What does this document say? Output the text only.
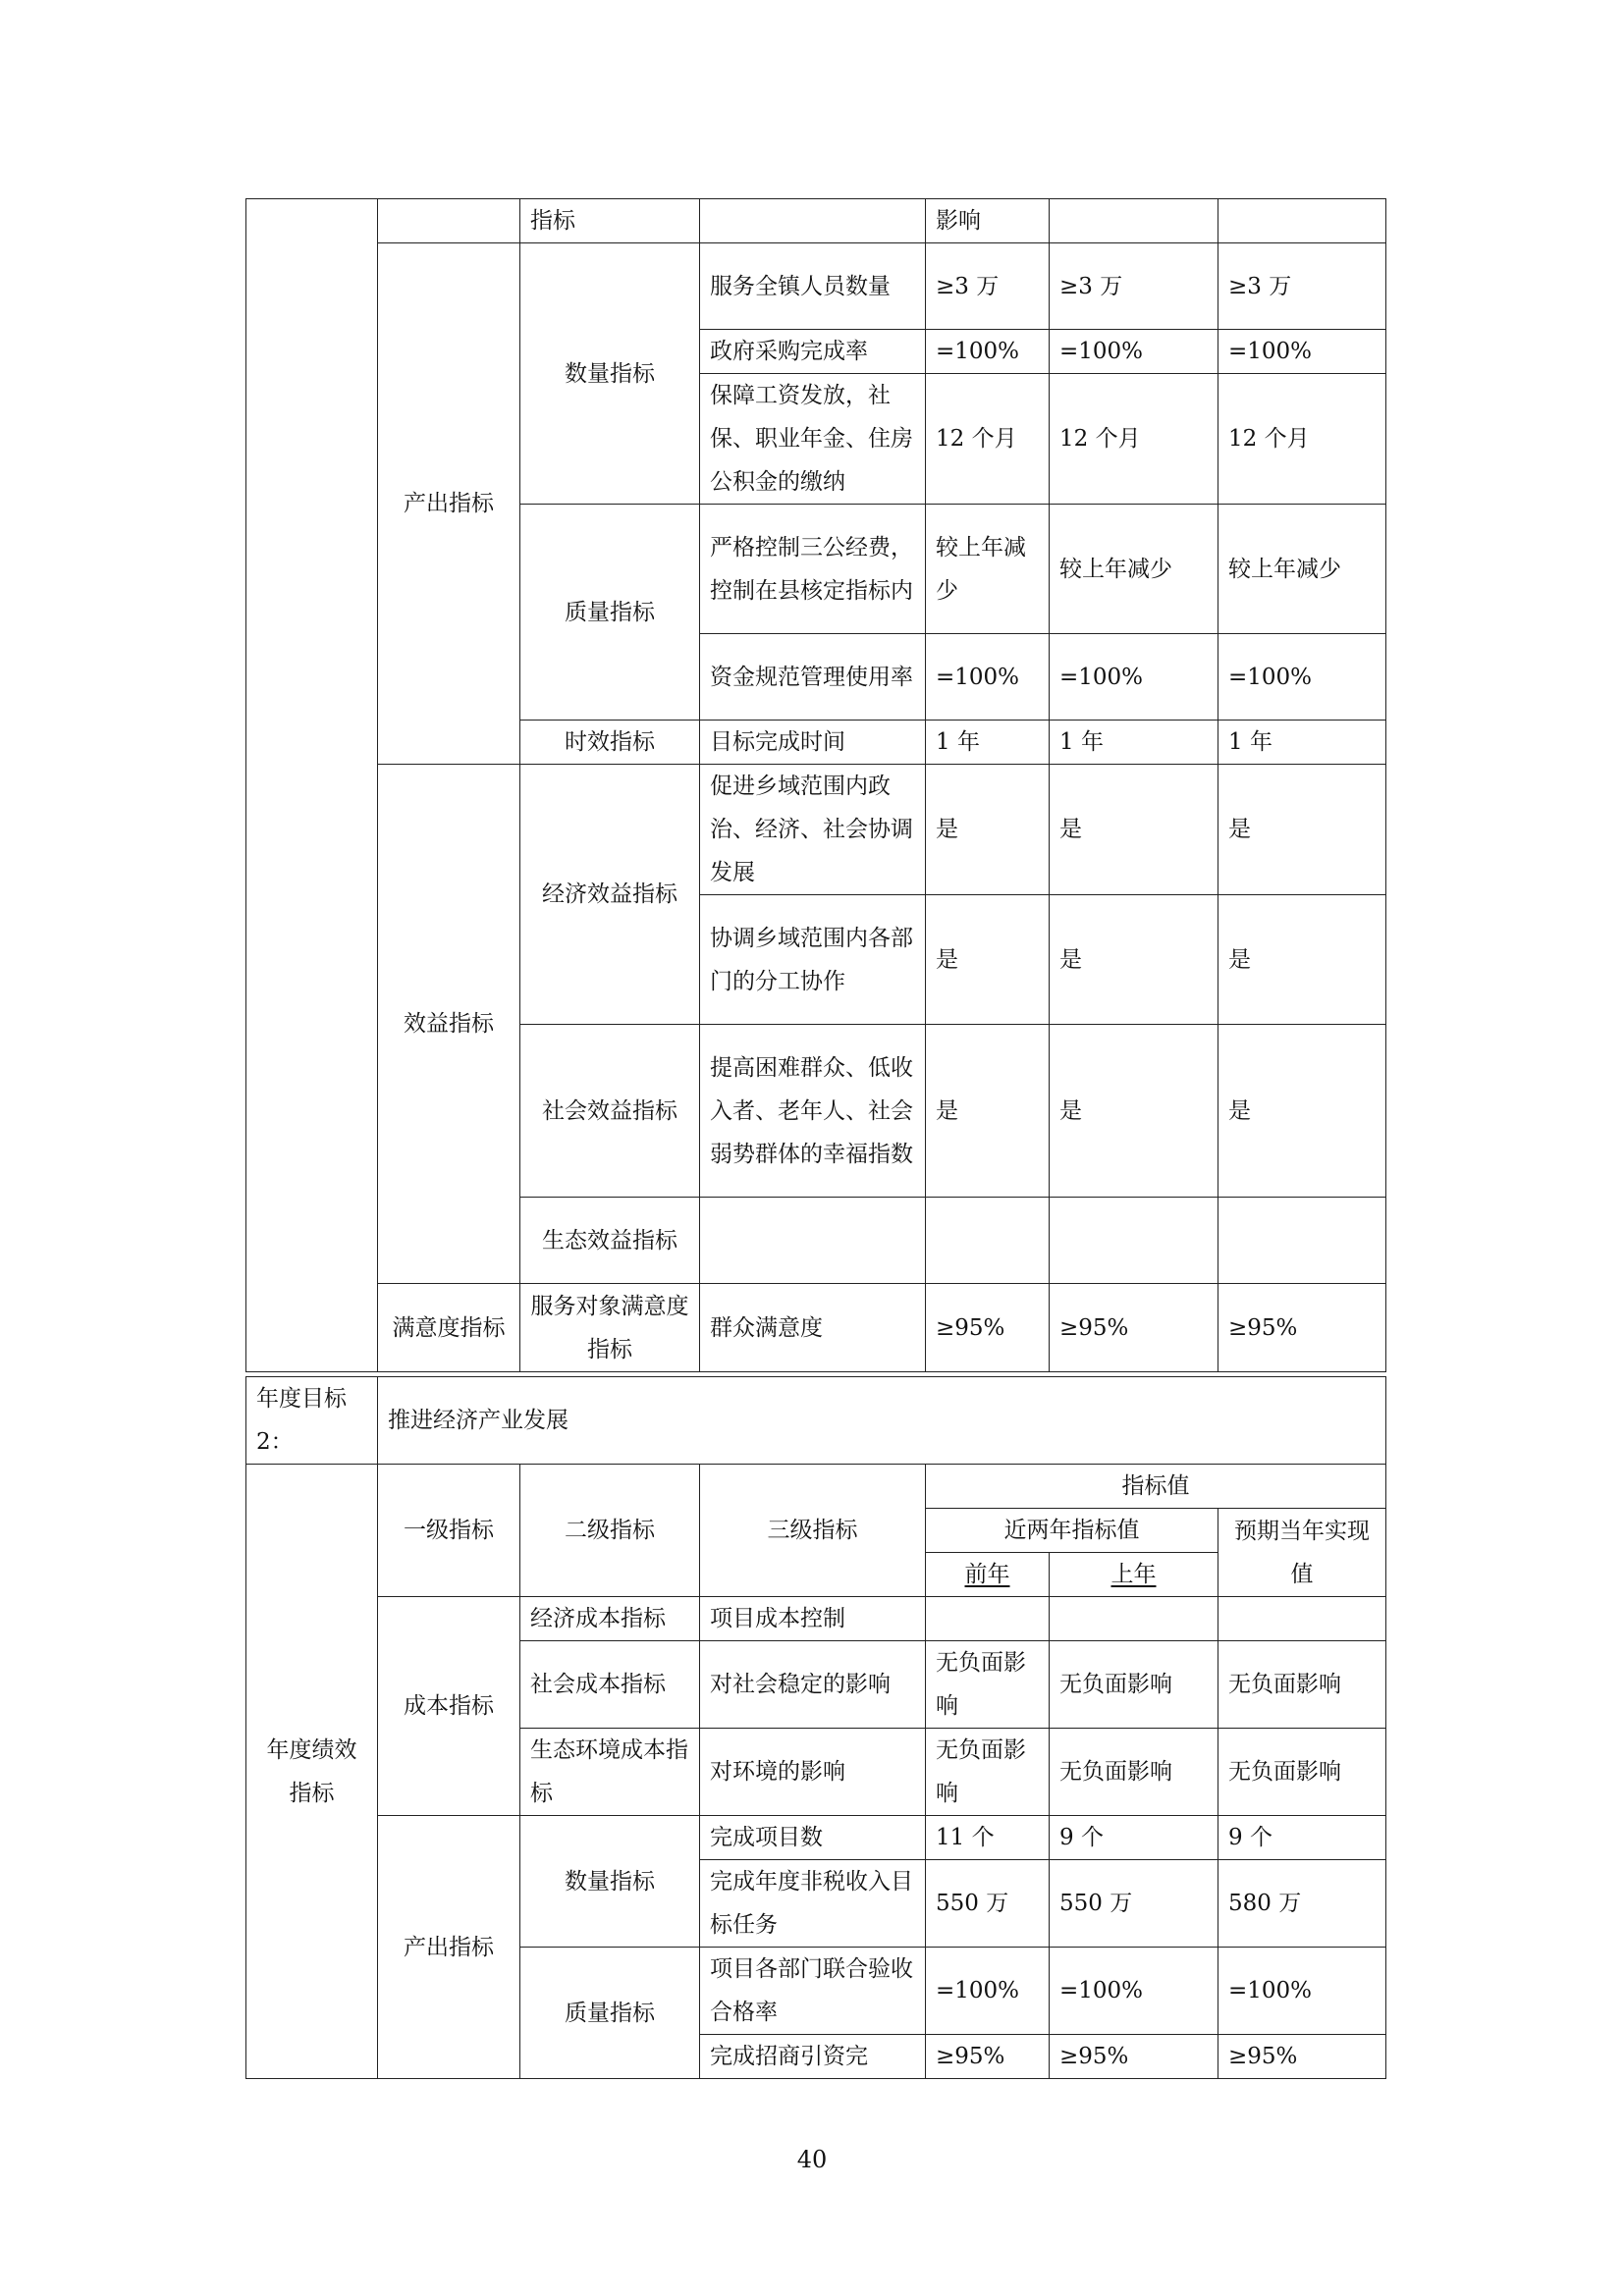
		指标		影响		
	产出指标	数量指标	服务全镇人员数量	≥3 万	≥3 万	≥3 万
			政府采购完成率	=100%	=100%	=100%
			保障工资发放，社保、职业年金、住房公积金的缴纳	12 个月	12 个月	12 个月
		质量指标	严格控制三公经费，控制在县核定指标内	较上年减少	较上年减少	较上年减少
			资金规范管理使用率	=100%	=100%	=100%
		时效指标	目标完成时间	1 年	1 年	1 年
	效益指标	经济效益指标	促进乡域范围内政治、经济、社会协调发展	是	是	是
			协调乡域范围内各部门的分工协作	是	是	是
		社会效益指标	提高困难群众、低收入者、老年人、社会弱势群体的幸福指数	是	是	是
		生态效益指标				
	满意度指标	服务对象满意度指标	群众满意度	≥95%	≥95%	≥95%
年度目标 2：	推进经济产业发展					
年度绩效指标	一级指标	二级指标	三级指标	指标值		
				近两年指标值		预期当年实现值
				前年	上年	
	成本指标	经济成本指标	项目成本控制			
		社会成本指标	对社会稳定的影响	无负面影响	无负面影响	无负面影响
		生态环境成本指标	对环境的影响	无负面影响	无负面影响	无负面影响
	产出指标	数量指标	完成项目数	11 个	9 个	9 个
			完成年度非税收入目标任务	550 万	550 万	580 万
		质量指标	项目各部门联合验收合格率	=100%	=100%	=100%
			完成招商引资完	≥95%	≥95%	≥95%
40
